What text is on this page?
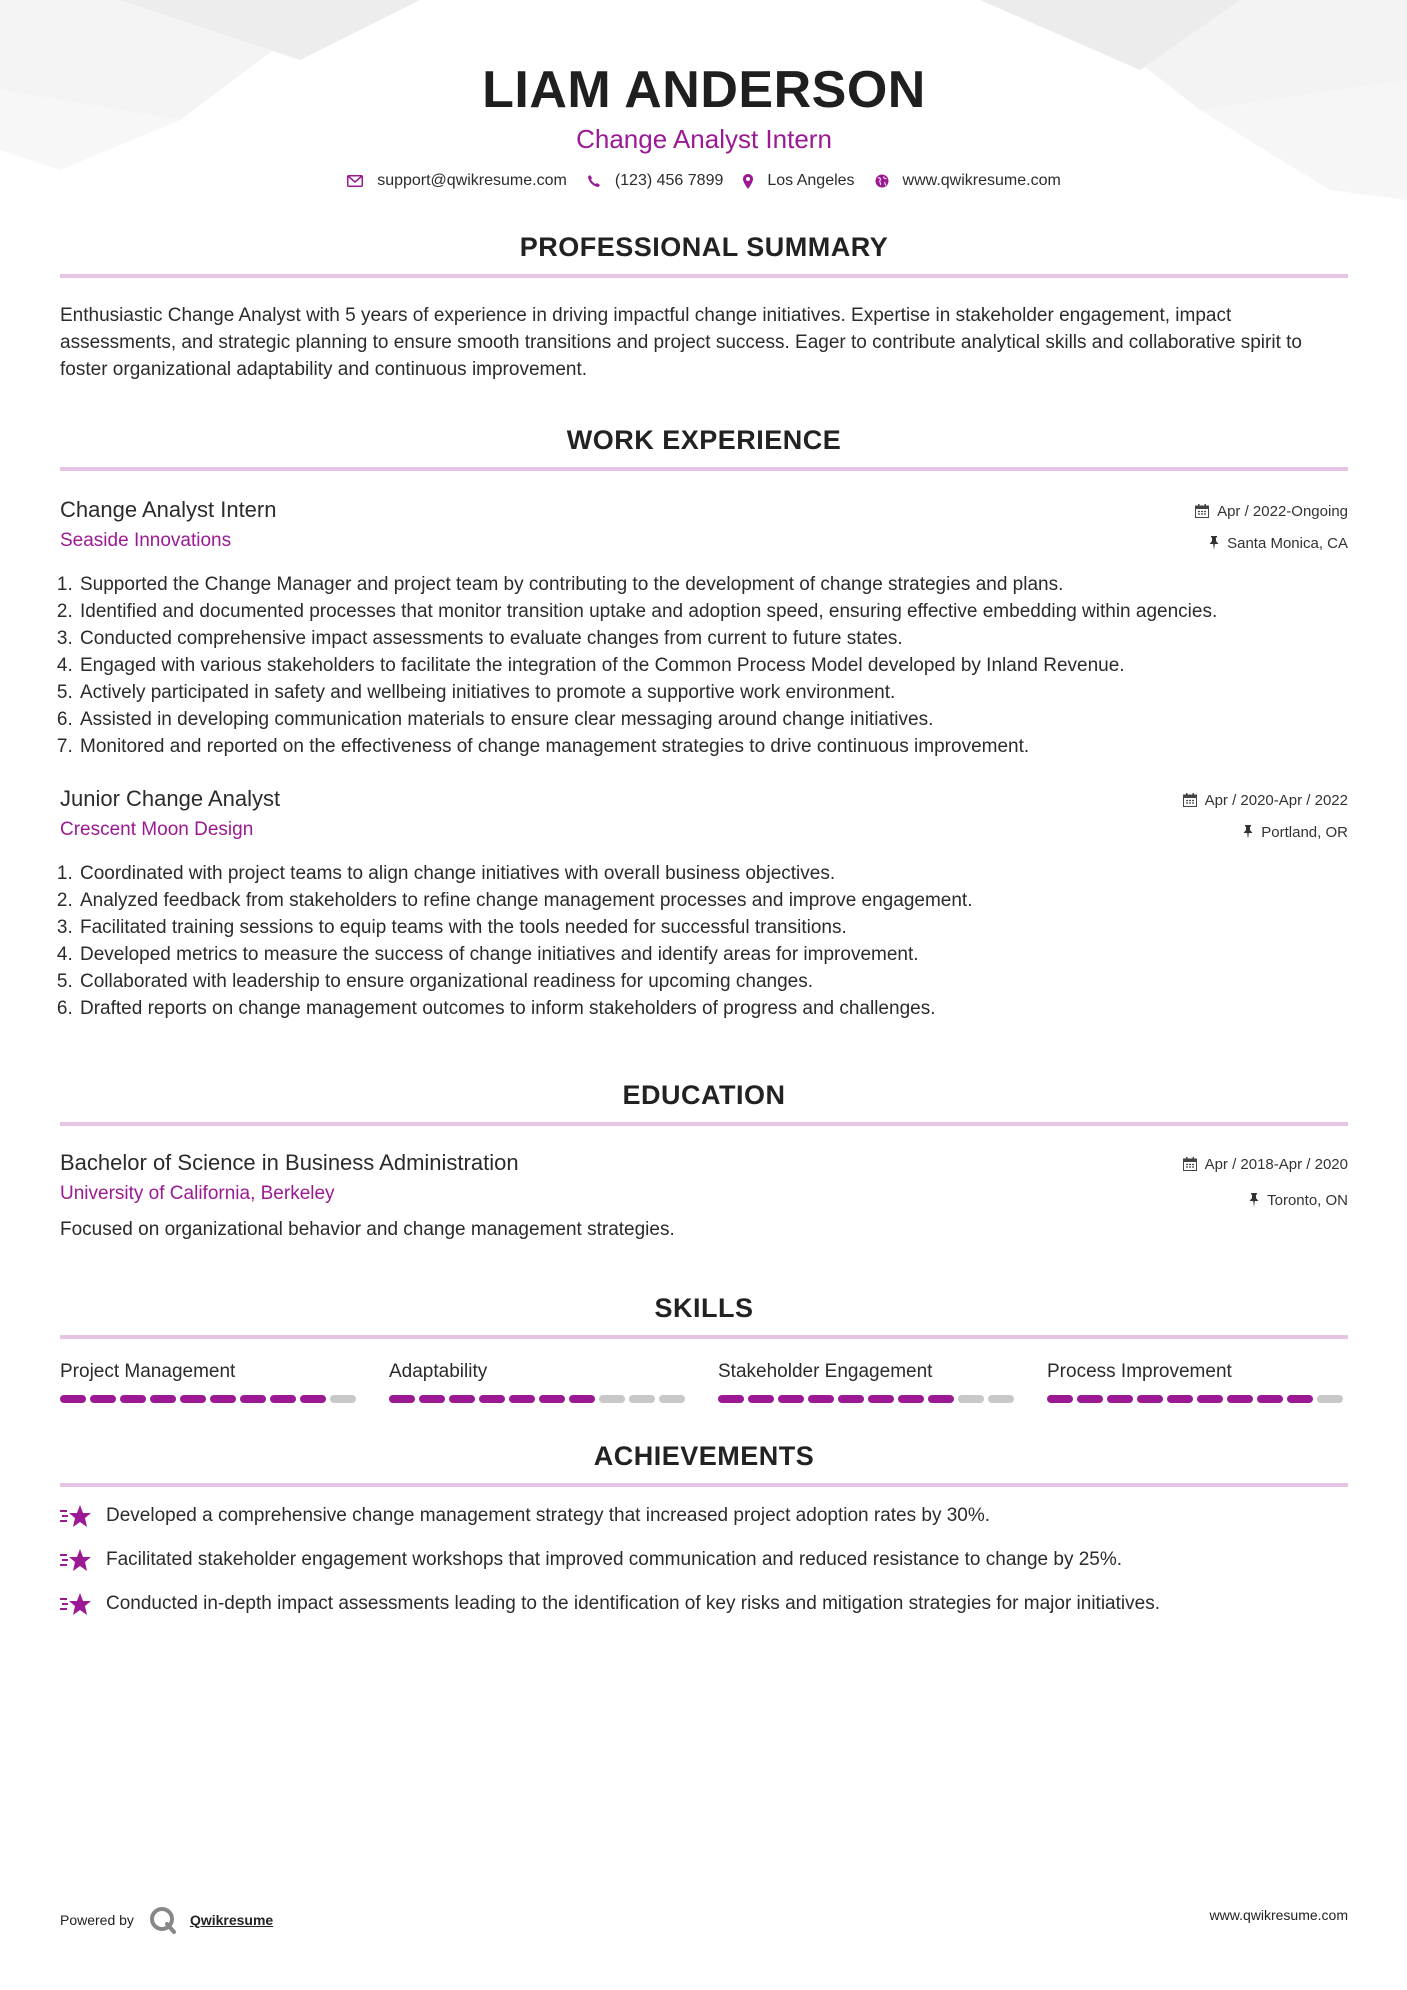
LIAM ANDERSON
Change Analyst Intern
support@qwikresume.com	(123) 456 7899	Los Angeles	www.qwikresume.com
PROFESSIONAL SUMMARY
Enthusiastic Change Analyst with 5 years of experience in driving impactful change initiatives. Expertise in stakeholder engagement, impact assessments, and strategic planning to ensure smooth transitions and project success. Eager to contribute analytical skills and collaborative spirit to foster organizational adaptability and continuous improvement.
WORK EXPERIENCE
Change Analyst Intern
Seaside Innovations
Apr / 2022-Ongoing
Santa Monica, CA
1. Supported the Change Manager and project team by contributing to the development of change strategies and plans.
2. Identified and documented processes that monitor transition uptake and adoption speed, ensuring effective embedding within agencies.
3. Conducted comprehensive impact assessments to evaluate changes from current to future states.
4. Engaged with various stakeholders to facilitate the integration of the Common Process Model developed by Inland Revenue.
5. Actively participated in safety and wellbeing initiatives to promote a supportive work environment.
6. Assisted in developing communication materials to ensure clear messaging around change initiatives.
7. Monitored and reported on the effectiveness of change management strategies to drive continuous improvement.
Junior Change Analyst
Crescent Moon Design
Apr / 2020-Apr / 2022
Portland, OR
1. Coordinated with project teams to align change initiatives with overall business objectives.
2. Analyzed feedback from stakeholders to refine change management processes and improve engagement.
3. Facilitated training sessions to equip teams with the tools needed for successful transitions.
4. Developed metrics to measure the success of change initiatives and identify areas for improvement.
5. Collaborated with leadership to ensure organizational readiness for upcoming changes.
6. Drafted reports on change management outcomes to inform stakeholders of progress and challenges.
EDUCATION
Bachelor of Science in Business Administration
University of California, Berkeley
Apr / 2018-Apr / 2020
Toronto, ON
Focused on organizational behavior and change management strategies.
SKILLS
Project Management	Adaptability	Stakeholder Engagement	Process Improvement
ACHIEVEMENTS
Developed a comprehensive change management strategy that increased project adoption rates by 30%.
Facilitated stakeholder engagement workshops that improved communication and reduced resistance to change by 25%.
Conducted in-depth impact assessments leading to the identification of key risks and mitigation strategies for major initiatives.
Powered by	Qwikresume	www.qwikresume.com
